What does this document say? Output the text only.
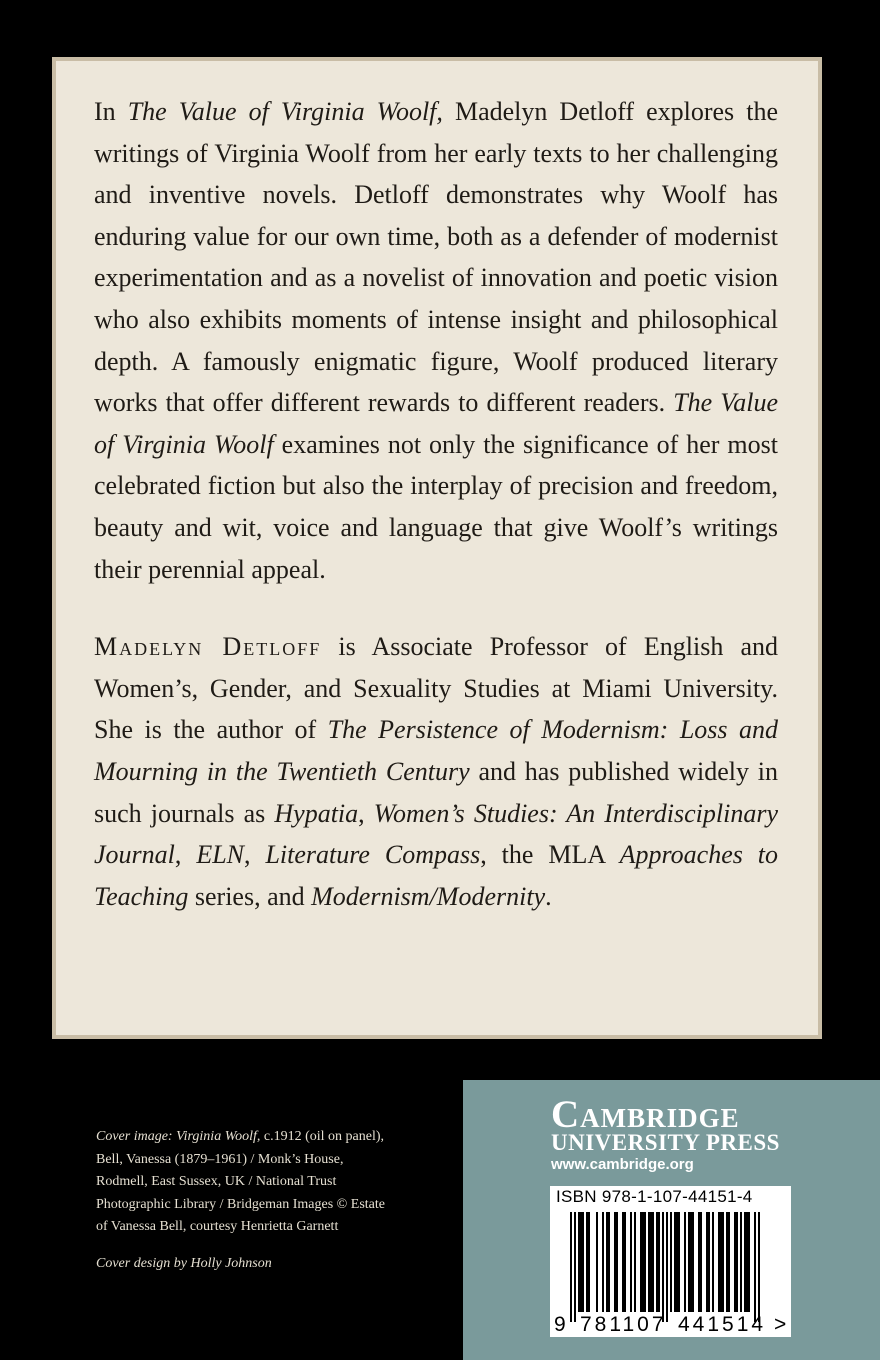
In The Value of Virginia Woolf, Madelyn Detloff explores the writings of Virginia Woolf from her early texts to her challenging and inventive novels. Detloff demonstrates why Woolf has enduring value for our own time, both as a defender of modernist experimentation and as a novelist of innovation and poetic vision who also exhibits moments of intense insight and philosophical depth. A famously enigmatic figure, Woolf produced literary works that offer different rewards to different readers. The Value of Virginia Woolf examines not only the significance of her most celebrated fiction but also the interplay of precision and freedom, beauty and wit, voice and language that give Woolf’s writings their perennial appeal.

Madelyn Detloff is Associate Professor of English and Women’s, Gender, and Sexuality Studies at Miami University. She is the author of The Persistence of Modernism: Loss and Mourning in the Twentieth Century and has published widely in such journals as Hypatia, Women’s Studies: An Interdisciplinary Journal, ELN, Literature Compass, the MLA Approaches to Teaching series, and Modernism/Modernity.

Cover image: Virginia Woolf, c.1912 (oil on panel), Bell, Vanessa (1879–1961) / Monk’s House, Rodmell, East Sussex, UK / National Trust Photographic Library / Bridgeman Images © Estate of Vanessa Bell, courtesy Henrietta Garnett

Cover design by Holly Johnson

Cambridge
UNIVERSITY PRESS
www.cambridge.org
ISBN 978-1-107-44151-4
9 781107 441514 >
